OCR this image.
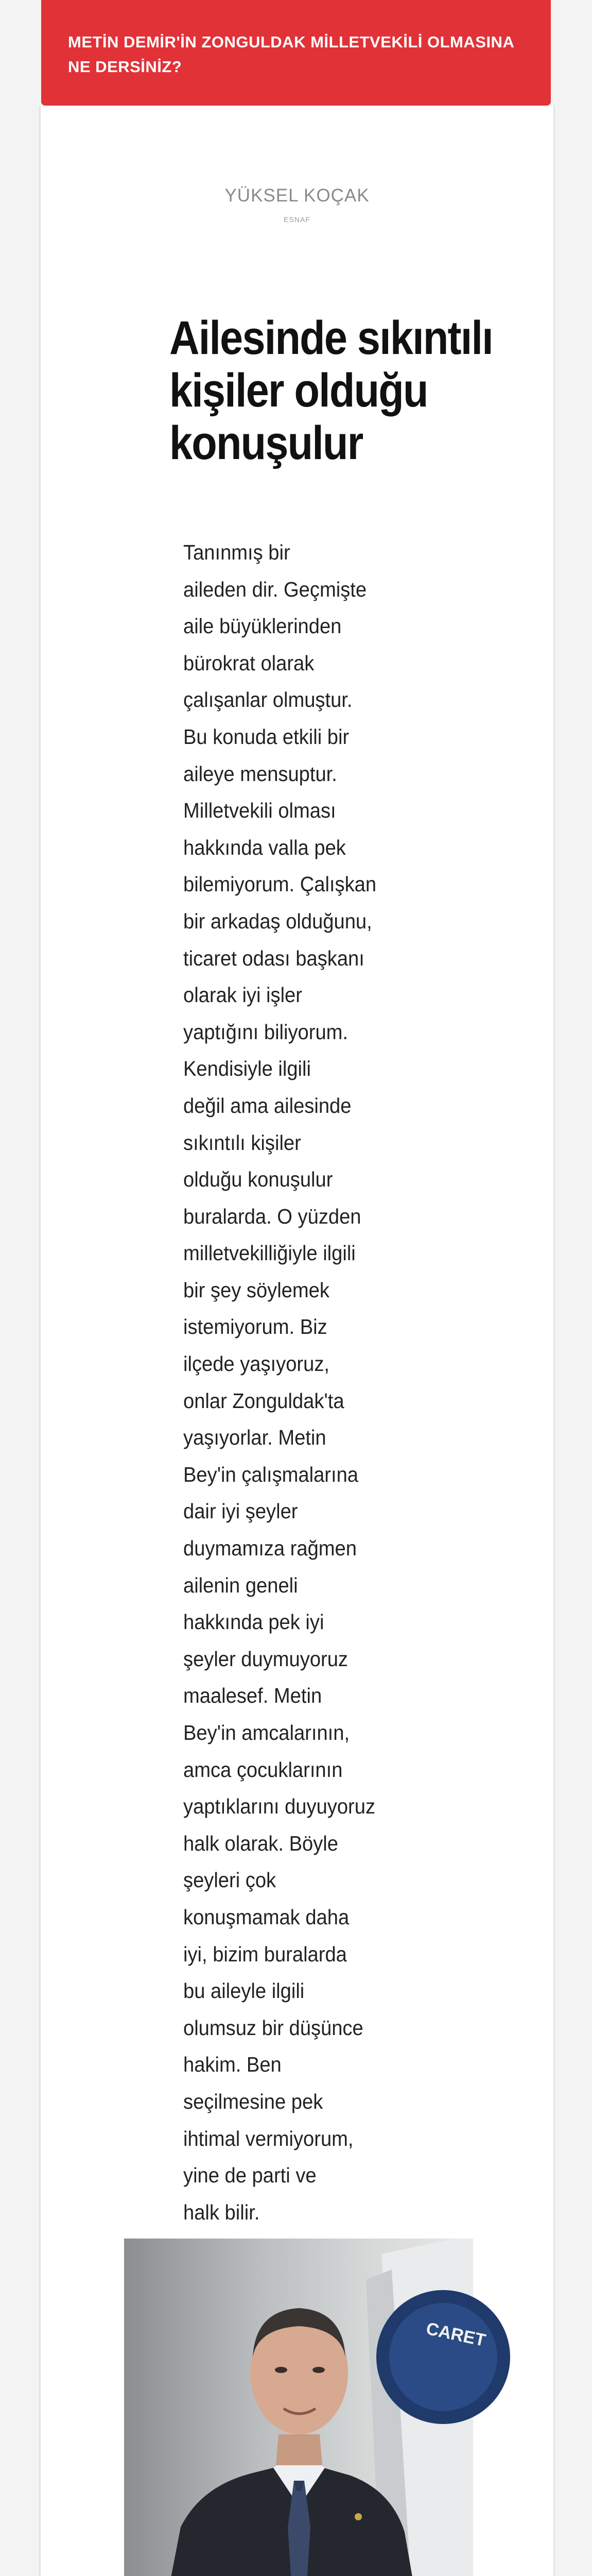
METİN DEMİR'İN ZONGULDAK MİLLETVEKİLİ OLMASINA NE DERSİNİZ?
YÜKSEL KOÇAK
ESNAF
Ailesinde sıkıntılı kişiler olduğu konuşulur
Tanınmış bir
aileden dir. Geçmişte
aile büyüklerinden
bürokrat olarak
çalışanlar olmuştur.
Bu konuda etkili bir
aileye mensuptur.
Milletvekili olması
hakkında valla pek
bilemiyorum. Çalışkan
bir arkadaş olduğunu,
ticaret odası başkanı
olarak iyi işler
yaptığını biliyorum.
Kendisiyle ilgili
değil ama ailesinde
sıkıntılı kişiler
olduğu konuşulur
buralarda. O yüzden
milletvekilliğiyle ilgili
bir şey söylemek
istemiyorum. Biz
ilçede yaşıyoruz,
onlar Zonguldak'ta
yaşıyorlar. Metin
Bey'in çalışmalarına
dair iyi şeyler
duymamıza rağmen
ailenin geneli
hakkında pek iyi
şeyler duymuyoruz
maalesef. Metin
Bey'in amcalarının,
amca çocuklarının
yaptıklarını duyuyoruz
halk olarak. Böyle
şeyleri çok
konuşmamak daha
iyi, bizim buralarda
bu aileyle ilgili
olumsuz bir düşünce
hakim. Ben
seçilmesine pek
ihtimal vermiyorum,
yine de parti ve
halk bilir.
CARET
